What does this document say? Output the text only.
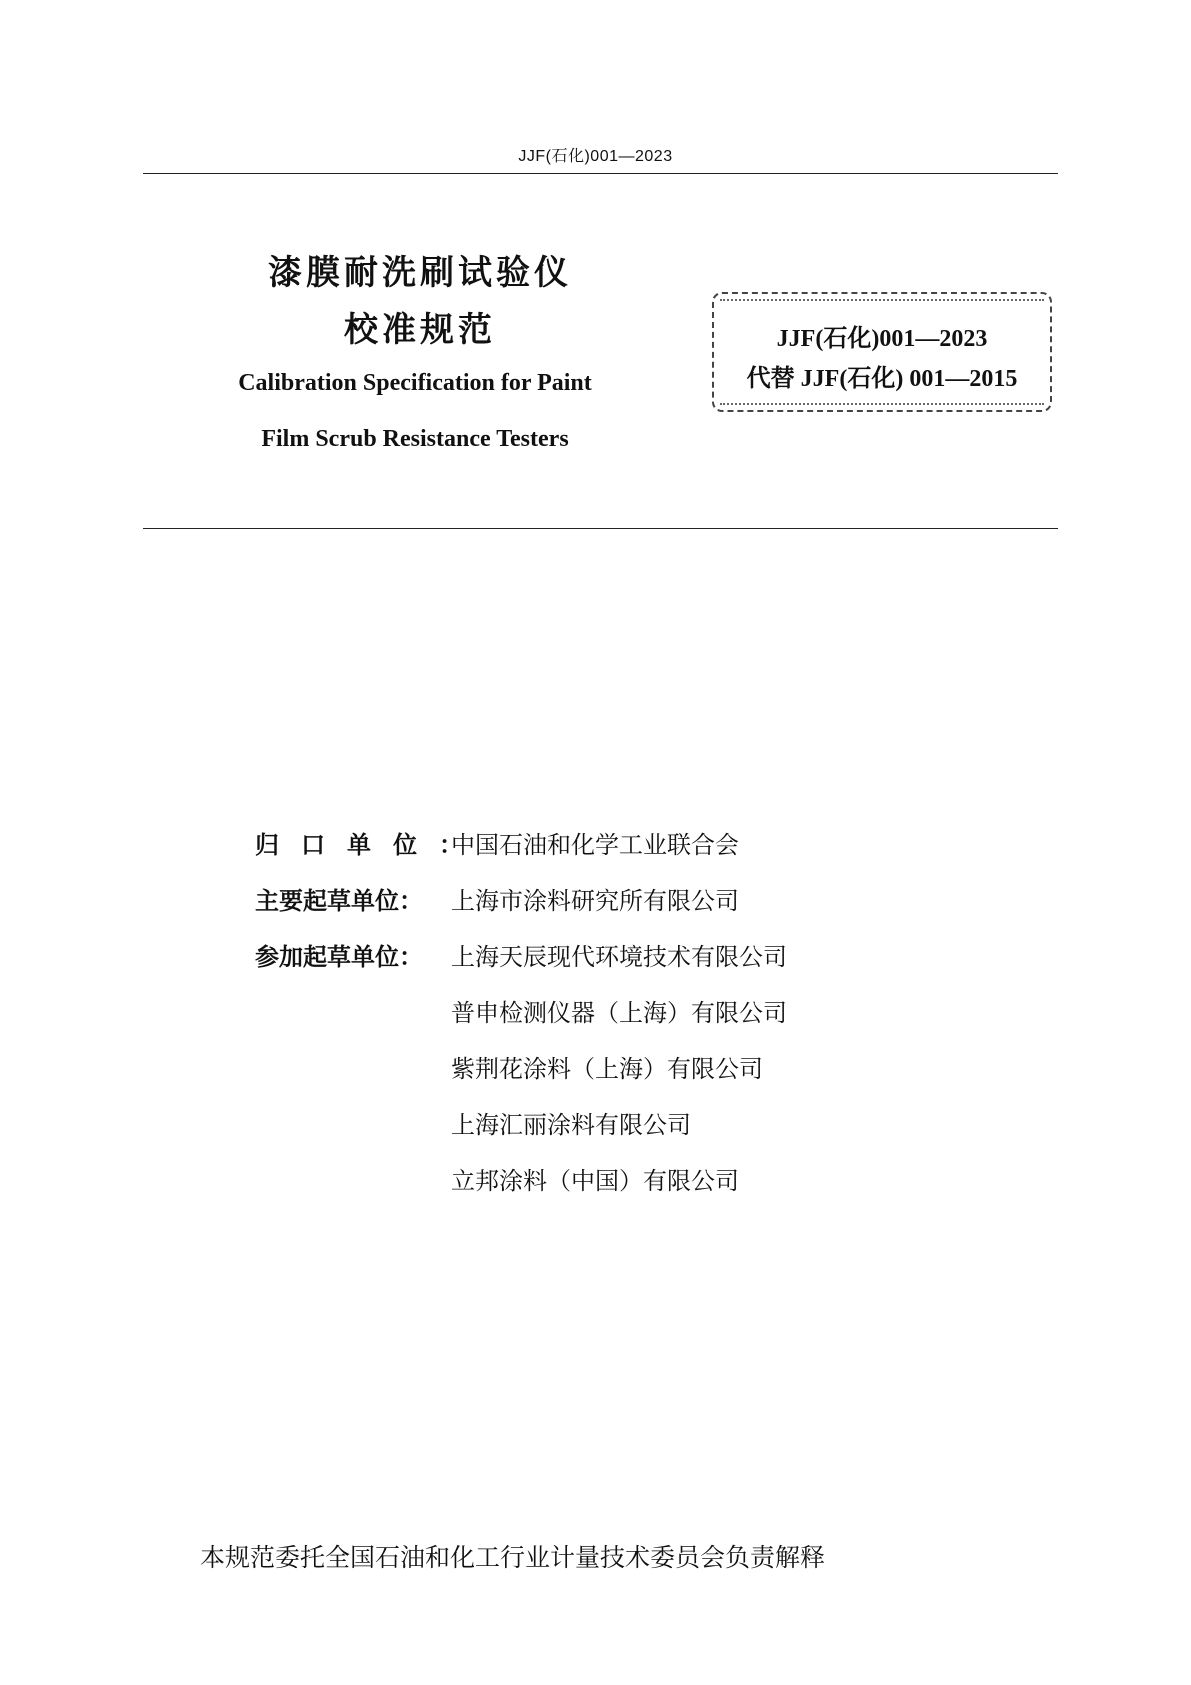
JJF(石化)001—2023
漆膜耐洗刷试验仪
校准规范
Calibration Specification for Paint
Film Scrub Resistance Testers
JJF(石化)001—2023
代替 JJF(石化) 001—2015
归口单位：
中国石油和化学工业联合会
主要起草单位：	上海市涂料研究所有限公司
参加起草单位：	上海天辰现代环境技术有限公司
普申检测仪器（上海）有限公司
紫荆花涂料（上海）有限公司
上海汇丽涂料有限公司
立邦涂料（中国）有限公司
本规范委托全国石油和化工行业计量技术委员会负责解释
